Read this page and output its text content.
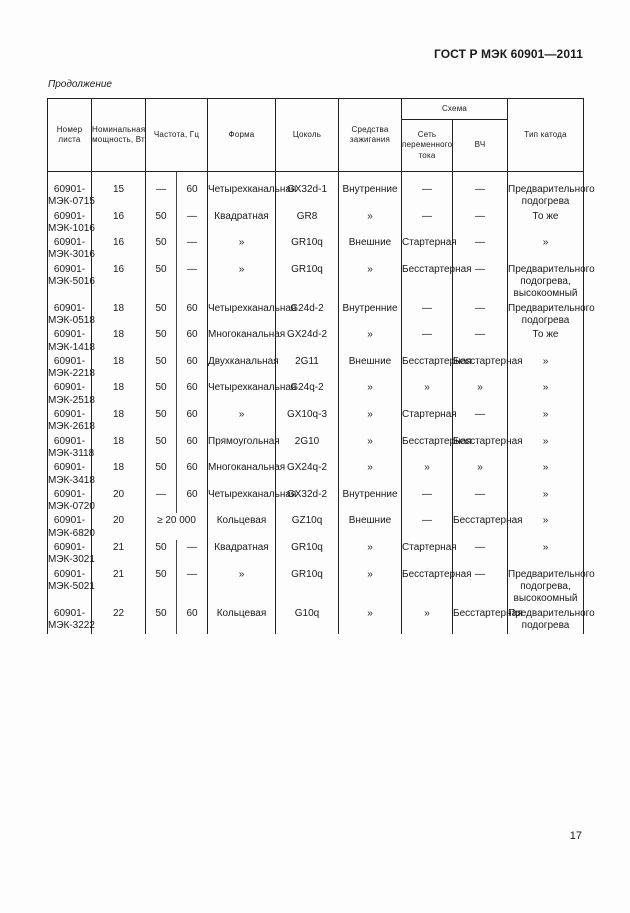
ГОСТ Р МЭК 60901—2011
Продолжение
Номер листа	Номинальная мощность, Вт	Частота, Гц		Форма	Цоколь	Средства зажигания	Схема		Тип катода
							Сеть переменного тока	ВЧ	
60901-МЭК-0715	15	—	60	Четырехканальная	GX32d-1	Внутренние	—	—	Предварительного подогрева
60901-МЭК-1016	16	50	—	Квадратная	GR8	»	—	—	То же
60901-МЭК-3016	16	50	—	»	GR10q	Внешние	Стартерная	—	»
60901-МЭК-5016	16	50	—	»	GR10q	»	Бесстартерная	—	Предварительного подогрева, высокоомный
60901-МЭК-0518	18	50	60	Четырехканальная	G24d-2	Внутренние	—	—	Предварительного подогрева
60901-МЭК-1418	18	50	60	Многоканальная	GX24d-2	»	—	—	То же
60901-МЭК-2218	18	50	60	Двухканальная	2G11	Внешние	Бесстартерная	Бесстартерная	»
60901-МЭК-2518	18	50	60	Четырехканальная	G24q-2	»	»	»	»
60901-МЭК-2618	18	50	60	»	GX10q-3	»	Стартерная	—	»
60901-МЭК-3118	18	50	60	Прямоугольная	2G10	»	Бесстартерная	Бесстартерная	»
60901-МЭК-3418	18	50	60	Многоканальная	GX24q-2	»	»	»	»
60901-МЭК-0720	20	—	60	Четырехканальная	GX32d-2	Внутренние	—	—	»
60901-МЭК-6820	20	≥ 20 000		Кольцевая	GZ10q	Внешние	—	Бесстартерная	»
60901-МЭК-3021	21	50	—	Квадратная	GR10q	»	Стартерная	—	»
60901-МЭК-5021	21	50	—	»	GR10q	»	Бесстартерная	—	Предварительного подогрева, высокоомный
60901-МЭК-3222	22	50	60	Кольцевая	G10q	»	»	Бесстартерная	Предварительного подогрева
17
